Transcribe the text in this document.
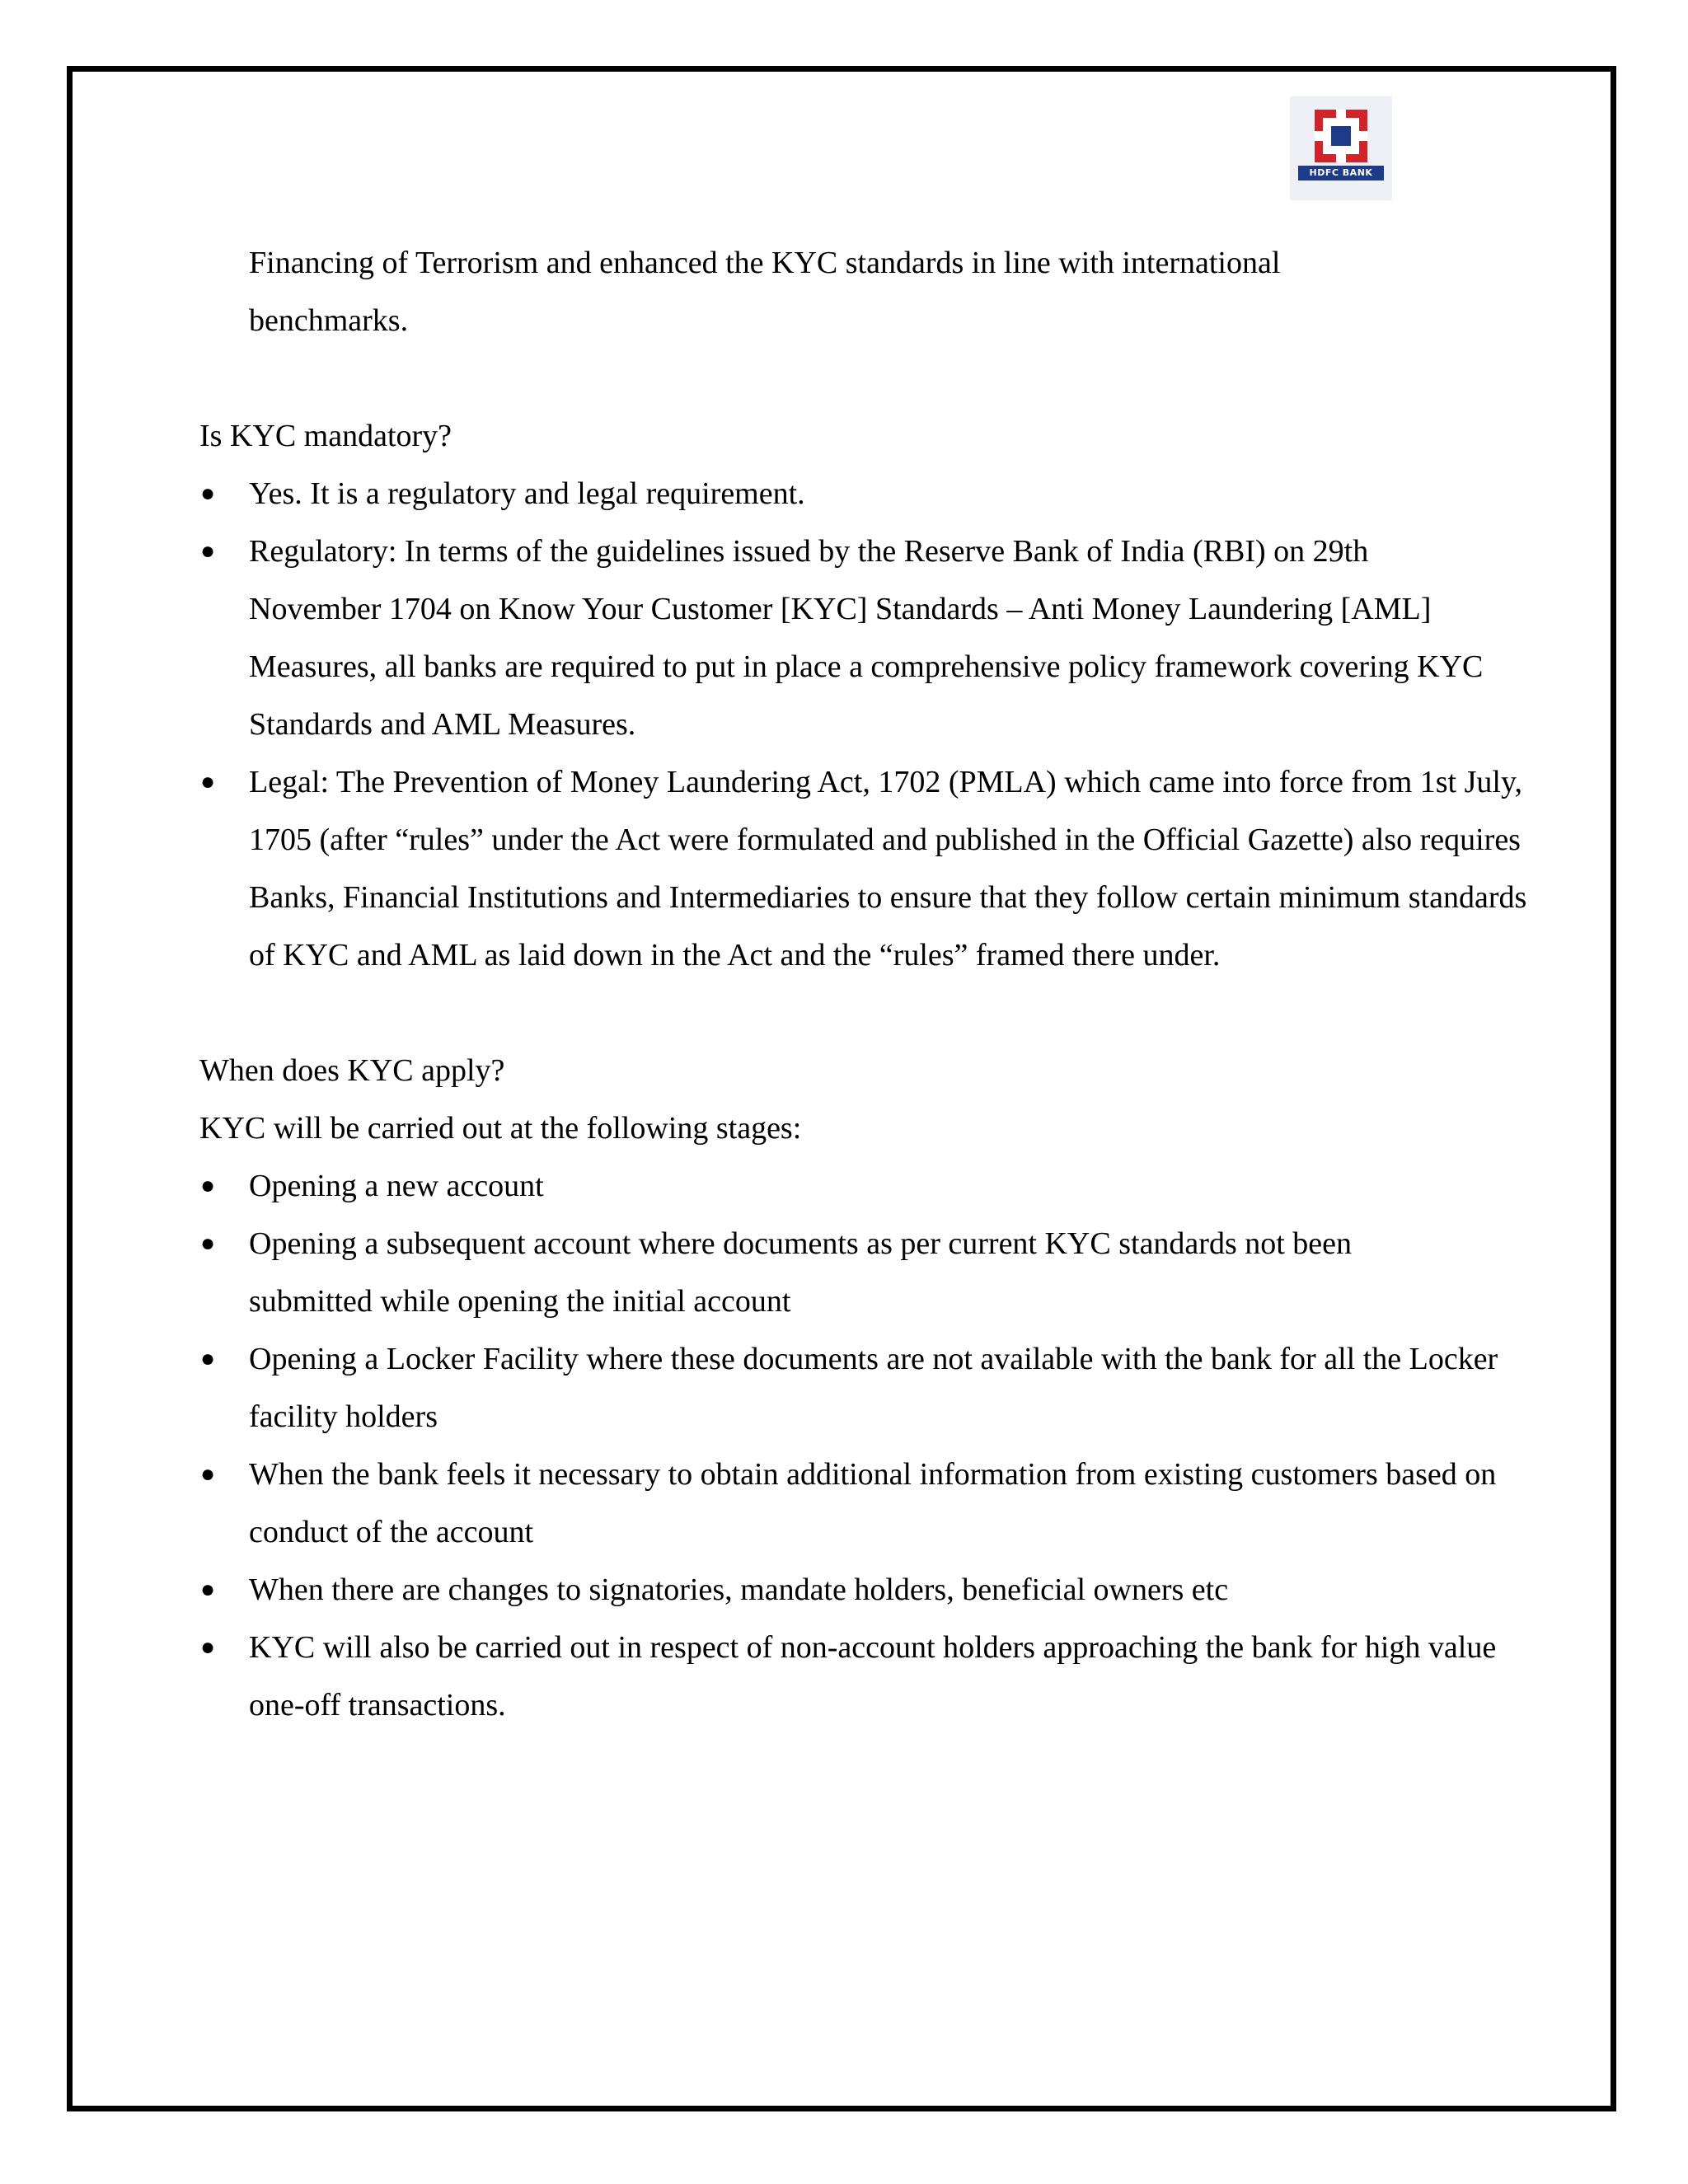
HDFC BANK

Financing of Terrorism and enhanced the KYC standards in line with international
benchmarks.

Is KYC mandatory?

● Yes. It is a regulatory and legal requirement.
● Regulatory: In terms of the guidelines issued by the Reserve Bank of India (RBI) on 29th November 1704 on Know Your Customer [KYC] Standards – Anti Money Laundering [AML] Measures, all banks are required to put in place a comprehensive policy framework covering KYC Standards and AML Measures.
● Legal: The Prevention of Money Laundering Act, 1702 (PMLA) which came into force from 1st July, 1705 (after “rules” under the Act were formulated and published in the Official Gazette) also requires Banks, Financial Institutions and Intermediaries to ensure that they follow certain minimum standards of KYC and AML as laid down in the Act and the “rules” framed there under.

When does KYC apply?

KYC will be carried out at the following stages:

● Opening a new account
● Opening a subsequent account where documents as per current KYC standards not been submitted while opening the initial account
● Opening a Locker Facility where these documents are not available with the bank for all the Locker facility holders
● When the bank feels it necessary to obtain additional information from existing customers based on conduct of the account
● When there are changes to signatories, mandate holders, beneficial owners etc
● KYC will also be carried out in respect of non-account holders approaching the bank for high value one-off transactions.
